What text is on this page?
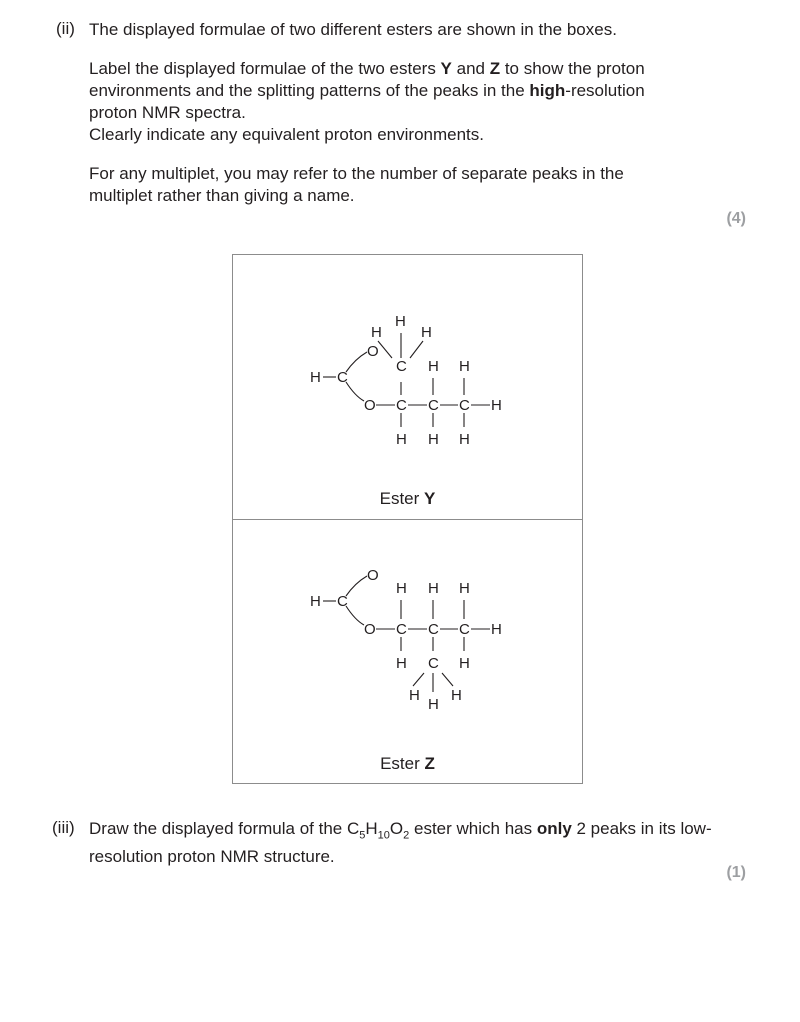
(ii) The displayed formulae of two different esters are shown in the boxes.

Label the displayed formulae of the two esters Y and Z to show the proton environments and the splitting patterns of the peaks in the high-resolution proton NMR spectra.

Clearly indicate any equivalent proton environments.

For any multiplet, you may refer to the number of separate peaks in the multiplet rather than giving a name.

(4)
H C
O
O C C C H
H H H
H H
C
H
H
H
Ester Y
H C
O
O C C C H
H H H
H	H
C
H
H
H
Ester Z
(iii) Draw the displayed formula of the $C_5H_{10}O_2$ ester which has only 2 peaks in its low-resolution proton NMR structure.

(1)
